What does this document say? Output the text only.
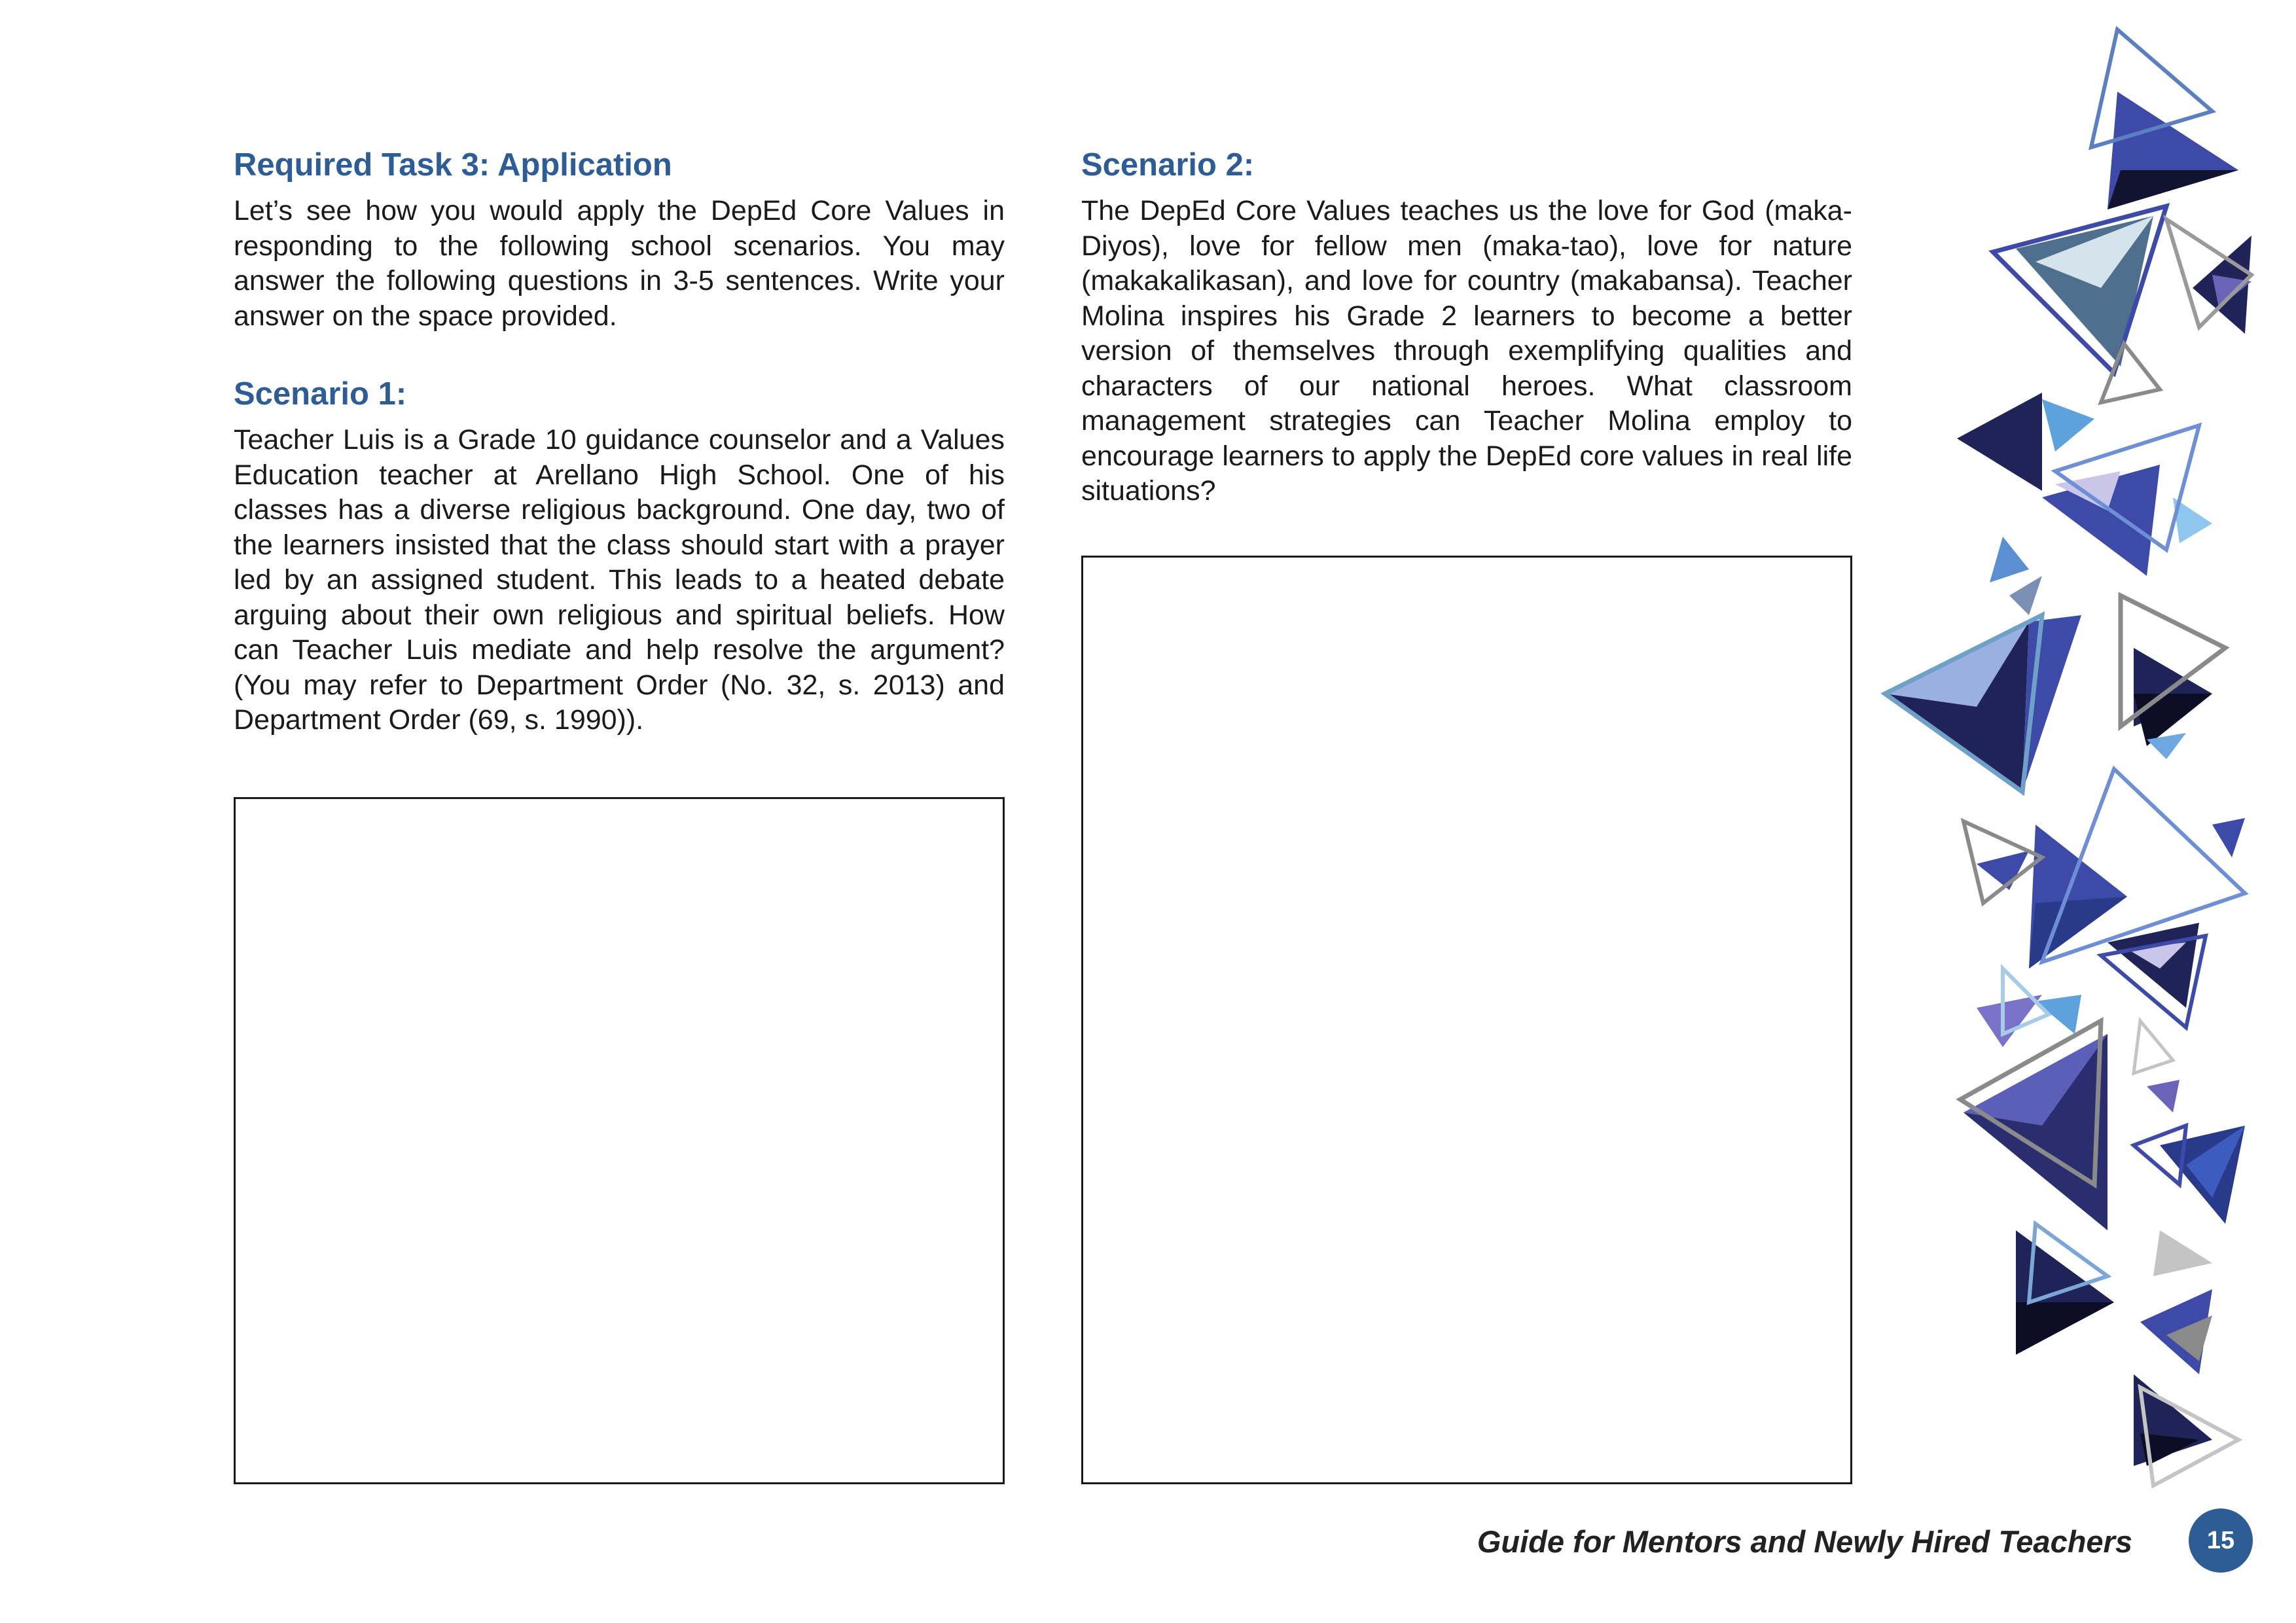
Required Task 3: Application

Let’s see how you would apply the DepEd Core Values in responding to the following school scenarios. You may answer the following questions in 3-5 sentences. Write your answer on the space provided.

Scenario 1:

Teacher Luis is a Grade 10 guidance counselor and a Values Education teacher at Arellano High School. One of his classes has a diverse religious background. One day, two of the learners insisted that the class should start with a prayer led by an assigned student. This leads to a heated debate arguing about their own religious and spiritual beliefs. How can Teacher Luis mediate and help resolve the argument? (You may refer to Department Order (No. 32, s. 2013) and Department Order (69, s. 1990)).

Scenario 2:

The DepEd Core Values teaches us the love for God (maka-Diyos), love for fellow men (maka-tao), love for nature (makakalikasan), and love for country (makabansa). Teacher Molina inspires his Grade 2 learners to become a better version of themselves through exemplifying qualities and characters of our national heroes. What classroom management strategies can Teacher Molina employ to encourage learners to apply the DepEd core values in real life situations?

Guide for Mentors and Newly Hired Teachers	15
